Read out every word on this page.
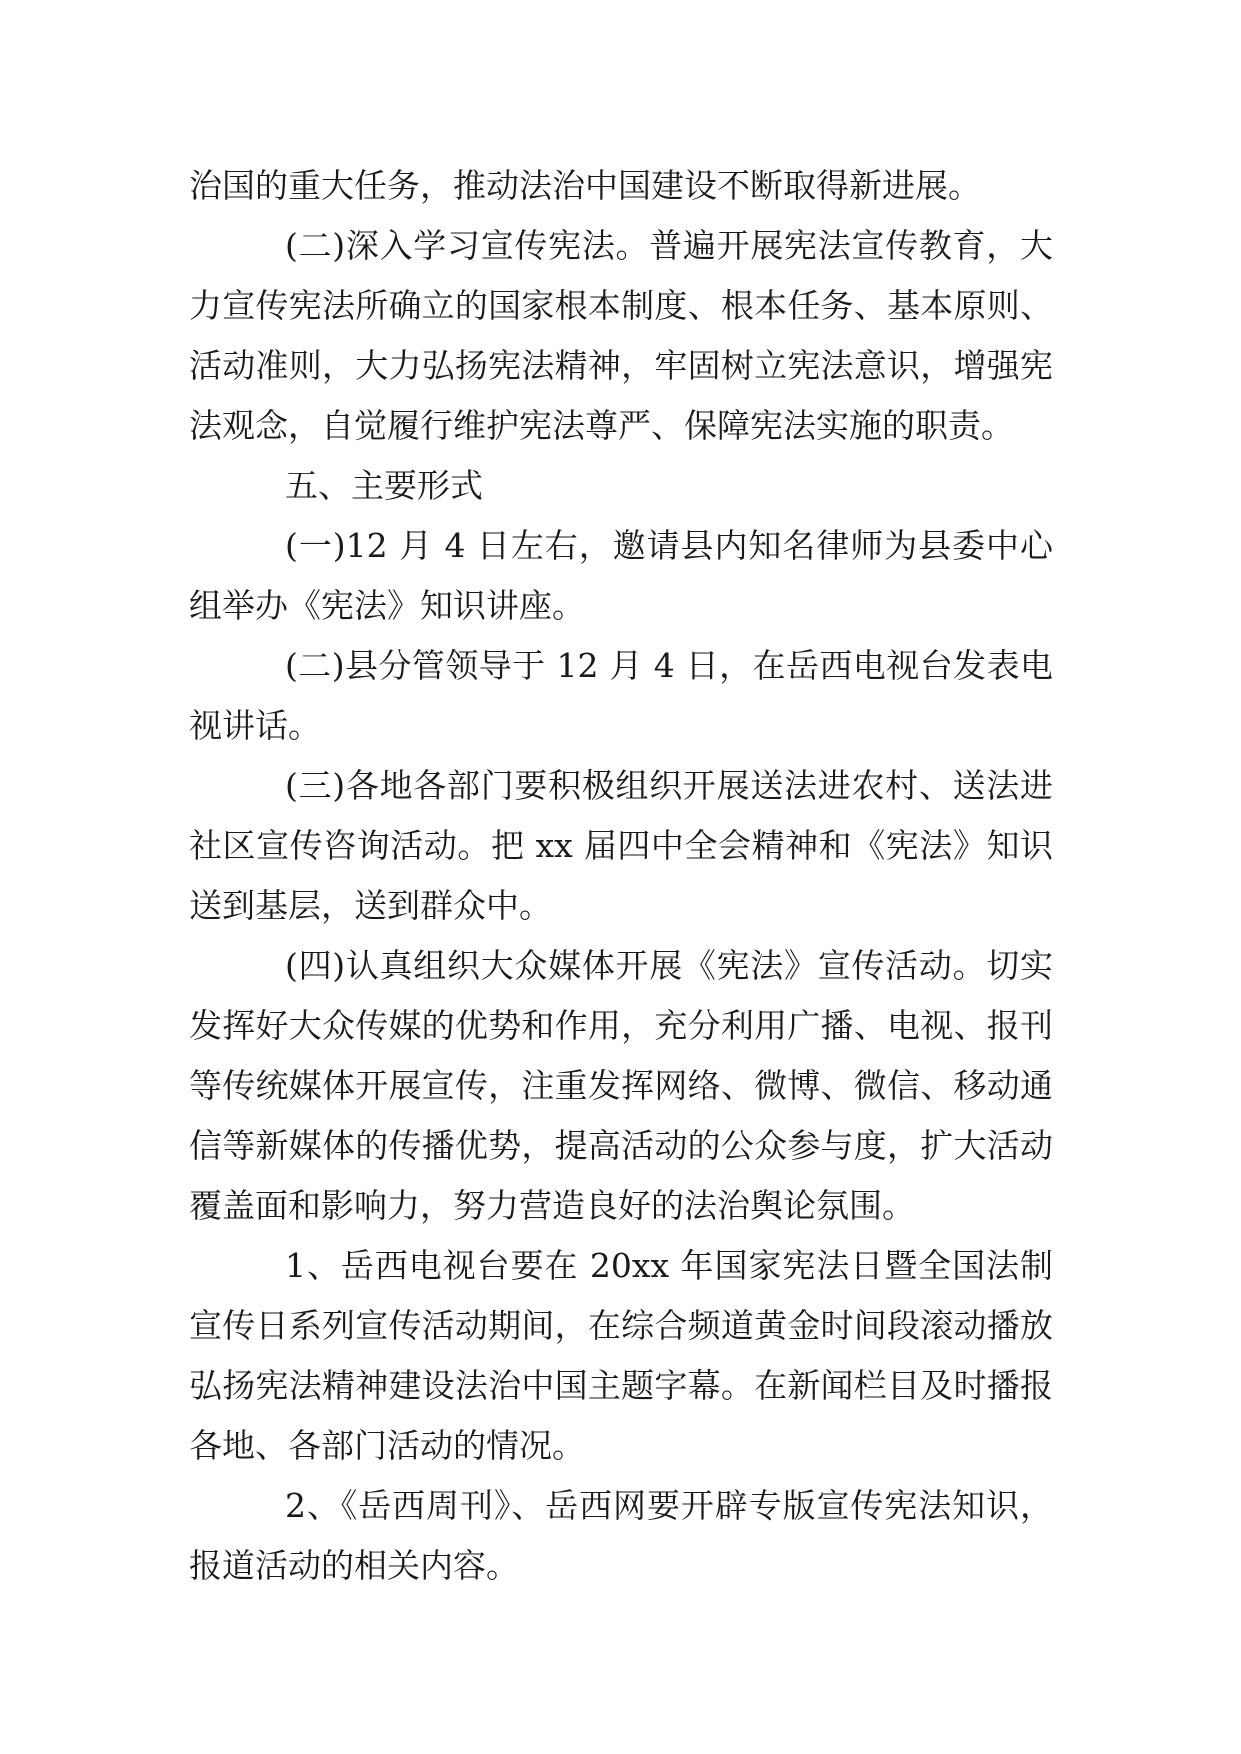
治国的重大任务，推动法治中国建设不断取得新进展。

(二)深入学习宣传宪法。普遍开展宪法宣传教育，大力宣传宪法所确立的国家根本制度、根本任务、基本原则、活动准则，大力弘扬宪法精神，牢固树立宪法意识，增强宪法观念，自觉履行维护宪法尊严、保障宪法实施的职责。

五、主要形式

(一)12 月 4 日左右，邀请县内知名律师为县委中心组举办《宪法》知识讲座。

(二)县分管领导于 12 月 4 日，在岳西电视台发表电视讲话。

(三)各地各部门要积极组织开展送法进农村、送法进社区宣传咨询活动。把 xx 届四中全会精神和《宪法》知识送到基层，送到群众中。

(四)认真组织大众媒体开展《宪法》宣传活动。切实发挥好大众传媒的优势和作用，充分利用广播、电视、报刊等传统媒体开展宣传，注重发挥网络、微博、微信、移动通信等新媒体的传播优势，提高活动的公众参与度，扩大活动覆盖面和影响力，努力营造良好的法治舆论氛围。

1、岳西电视台要在 20xx 年国家宪法日暨全国法制宣传日系列宣传活动期间，在综合频道黄金时间段滚动播放弘扬宪法精神建设法治中国主题字幕。在新闻栏目及时播报各地、各部门活动的情况。

2、《岳西周刊》、岳西网要开辟专版宣传宪法知识，报道活动的相关内容。
